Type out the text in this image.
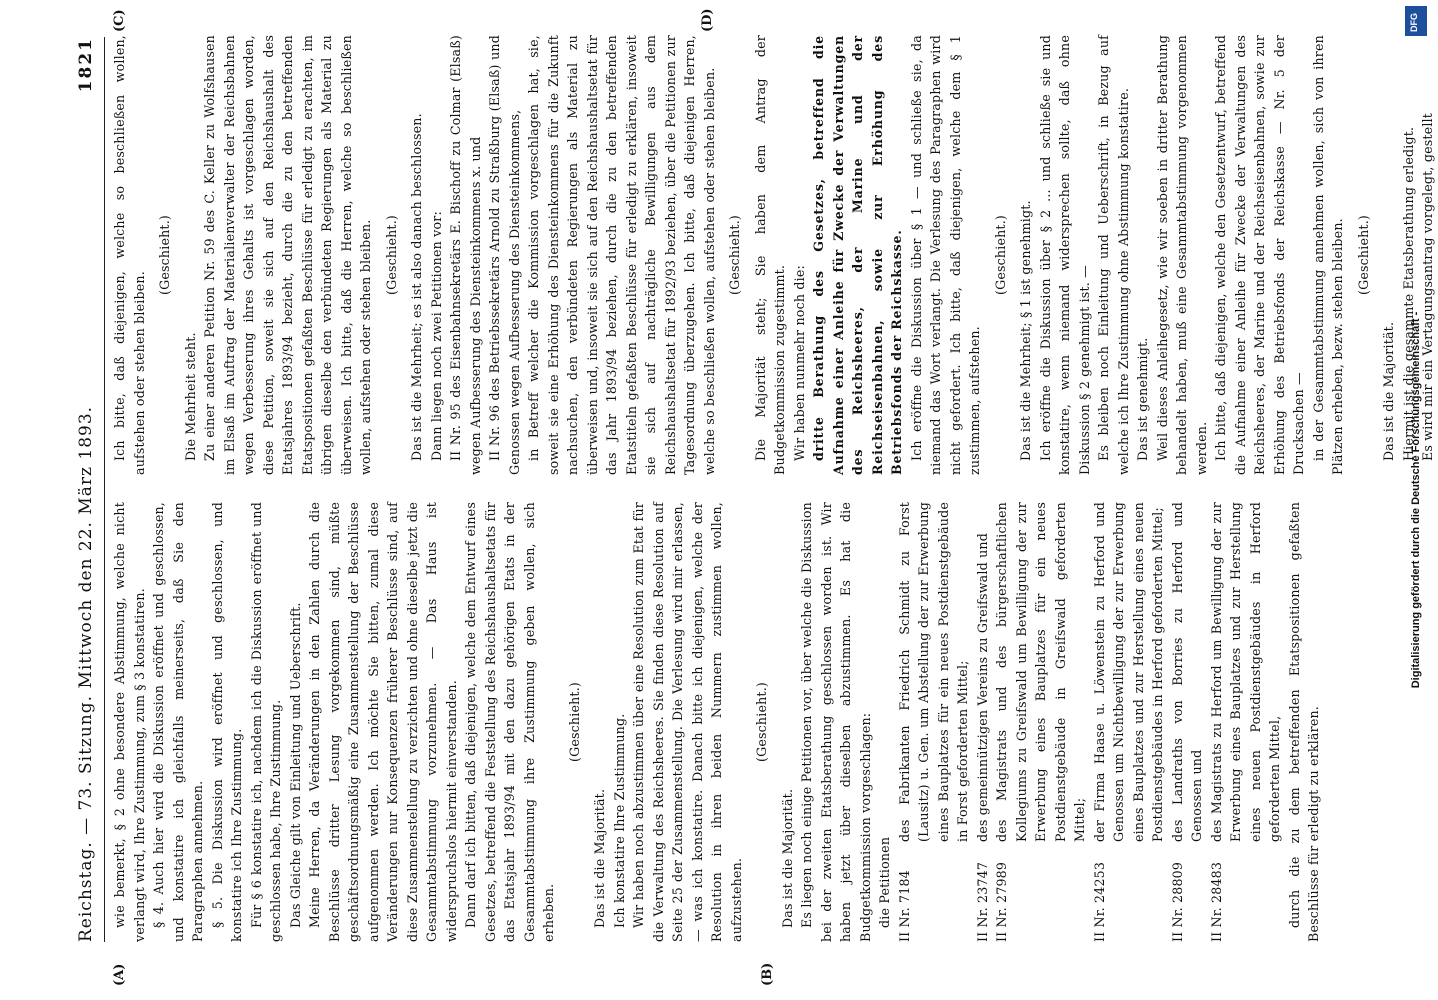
Reichstag. — 73. Sitzung. Mittwoch den 22. März 1893.
1821
(A)	(B)
(C)	(D)

wie bemerkt, § 2 ohne besondere Abstimmung, welche nicht verlangt wird, Ihre Zustimmung, zum § 3 konstatiren. § 4. Auch hier wird die Diskussion eröffnet und geschlossen, und konstatire ich gleichfalls meinerseits, daß Sie den Paragraphen annehmen. § 5. Die Diskussion wird eröffnet und geschlossen, und konstatire ich Ihre Zustimmung. Für § 6 konstatire ich, nachdem ich die Diskussion eröffnet und geschlossen habe, Ihre Zustimmung. Das Gleiche gilt von Einleitung und Ueberschrift. Meine Herren, da Veränderungen in den Zahlen durch die Beschlüsse dritter Lesung vorgekommen sind, müßte geschäftsordnungsmäßig eine Zusammenstellung der Beschlüsse aufgenommen werden. Ich möchte Sie bitten, zumal diese Veränderungen nur Konsequenzen früherer Beschlüsse sind, auf diese Zusammenstellung zu verzichten und ohne dieselbe jetzt die Gesammtabstimmung vorzunehmen. — Das Haus ist widerspruchslos hiermit einverstanden. Dann darf ich bitten, daß diejenigen, welche dem Entwurf eines Gesetzes, betreffend die Feststellung des Reichshaushaltsetats für das Etatsjahr 1893/94 mit den dazu gehörigen Etats in der Gesammtabstimmung ihre Zustimmung geben wollen, sich erheben.

(Geschieht.)

Das ist die Majorität. Ich konstatire Ihre Zustimmung. Wir haben noch abzustimmen über eine Resolution zum Etat für die Verwaltung des Reichsheeres. Sie finden diese Resolution auf Seite 25 der Zusammenstellung. Die Verlesung wird mir erlassen, — was ich konstatire. Danach bitte ich diejenigen, welche der Resolution in ihren beiden Nummern zustimmen wollen, aufzustehen.

(Geschieht.)

Das ist die Majorität. Es liegen noch einige Petitionen vor, über welche die Diskussion bei der zweiten Etatsberathung geschlossen worden ist. Wir haben jetzt über dieselben abzustimmen. Es hat die Budgetkommission vorgeschlagen: die Petitionen II Nr. 7184
des Fabrikanten Friedrich Schmidt zu Forst (Lausitz) u. Gen. um Abstellung der zur Erwerbung eines Bauplatzes für ein neues Postdienstgebäude in Forst geforderten Mittel;

II Nr. 23747
des gemeinnützigen Vereins zu Greifswald und

II Nr. 27989
des Magistrats und des bürgerschaftlichen Kollegiums zu Greifswald um Bewilligung der zur Erwerbung eines Bauplatzes für ein neues Postdienstgebäude in Greifswald geforderten Mittel;

II Nr. 24253
der Firma Haase u. Löwenstein zu Herford und Genossen um Nichtbewilligung der zur Erwerbung eines Bauplatzes und zur Herstellung eines neuen Postdienstgebäudes in Herford geforderten Mittel;

II Nr. 28809
des Landraths von Borries zu Herford und Genossen und

II Nr. 28483
des Magistrats zu Herford um Bewilligung der zur Erwerbung eines Bauplatzes und zur Herstellung eines neuen Postdienstgebäudes in Herford geforderten Mittel, durch die zu dem betreffenden Etatspositionen gefaßten Beschlüsse für erledigt zu erklären.

Ich bitte, daß diejenigen, welche so beschließen wollen, aufstehen oder stehen bleiben.

(Geschieht.)

Die Mehrheit steht. Zu einer anderen Petition Nr. 59 des C. Keller zu Wolfshausen im Elsaß im Auftrag der Materialienverwalter der Reichsbahnen wegen Verbesserung ihres Gehalts ist vorgeschlagen worden, diese Petition, soweit sie sich auf den Reichshaushalt des Etatsjahres 1893/94 bezieht, durch die zu den betreffenden Etatspositionen gefaßten Beschlüsse für erledigt zu erachten, im übrigen dieselbe den verbündeten Regierungen als Material zu überweisen. Ich bitte, daß die Herren, welche so beschließen wollen, aufstehen oder stehen bleiben. (Geschieht.) Das ist die Mehrheit; es ist also danach beschlossen. Dann liegen noch zwei Petitionen vor: II Nr. 95 des Eisenbahnsekretärs E. Bischoff zu Colmar (Elsaß) wegen Aufbesserung des Diensteinkommens x. und II Nr. 96 des Betriebssekretärs Arnold zu Straßburg (Elsaß) und Genossen wegen Aufbesserung des Diensteinkommens, in Betreff welcher die Kommission vorgeschlagen hat, sie, soweit sie eine Erhöhung des Diensteinkommens für die Zukunft nachsuchen, den verbündeten Regierungen als Material zu überweisen und, insoweit sie sich auf den Reichshaushaltsetat für das Jahr 1893/94 beziehen, durch die zu den betreffenden Etatstiteln gefaßten Beschlüsse für erledigt zu erklären, insoweit sie sich auf nachträgliche Bewilligungen aus dem Reichshaushaltsetat für 1892/93 beziehen, über die Petitionen zur Tagesordnung überzugehen. Ich bitte, daß diejenigen Herren, welche so beschließen wollen, aufstehen oder stehen bleiben. (Geschieht.) Die Majorität steht; Sie haben dem Antrag der Budgetkommission zugestimmt. Wir haben nunmehr noch die: dritte Berathung des Gesetzes, betreffend die Aufnahme einer Anleihe für Zwecke der Verwaltungen des Reichsheeres, der Marine und der Reichseisenbahnen, sowie zur Erhöhung des Betriebsfonds der Reichskasse. Ich eröffne die Diskussion über § 1 — und schließe sie, da niemand das Wort verlangt. Die Verlesung des Paragraphen wird nicht gefordert. Ich bitte, daß diejenigen, welche dem § 1 zustimmen, aufstehen.

(Geschieht.) Das ist die Mehrheit; § 1 ist genehmigt. Ich eröffne die Diskussion über § 2 ... und schließe sie und konstatire, wenn niemand widersprechen sollte, daß ohne Diskussion § 2 genehmigt ist. — Es bleiben noch Einleitung und Ueberschrift, in Bezug auf welche ich Ihre Zustimmung ohne Abstimmung konstatire. Das ist genehmigt. Weil dieses Anleihegesetz, wie wir soeben in dritter Berathung behandelt haben, muß eine Gesammtabstimmung vorgenommen werden. Ich bitte, daß diejenigen, welche den Gesetzentwurf, betreffend die Aufnahme einer Anleihe für Zwecke der Verwaltungen des Reichsheeres, der Marine und der Reichseisenbahnen, sowie zur Erhöhung des Betriebsfonds der Reichskasse — Nr. 5 der Drucksachen — in der Gesammtabstimmung annehmen wollen, sich von ihren Plätzen erheben, bezw. stehen bleiben. (Geschieht.)

Das ist die Majorität. Hiermit ist die gesammte Etatsberathung erledigt. Es wird mir ein Vertagungsantrag vorgelegt, gestellt

Digitalisierung gefördert durch die Deutsche Forschungsgemeinschaft -
DFG
